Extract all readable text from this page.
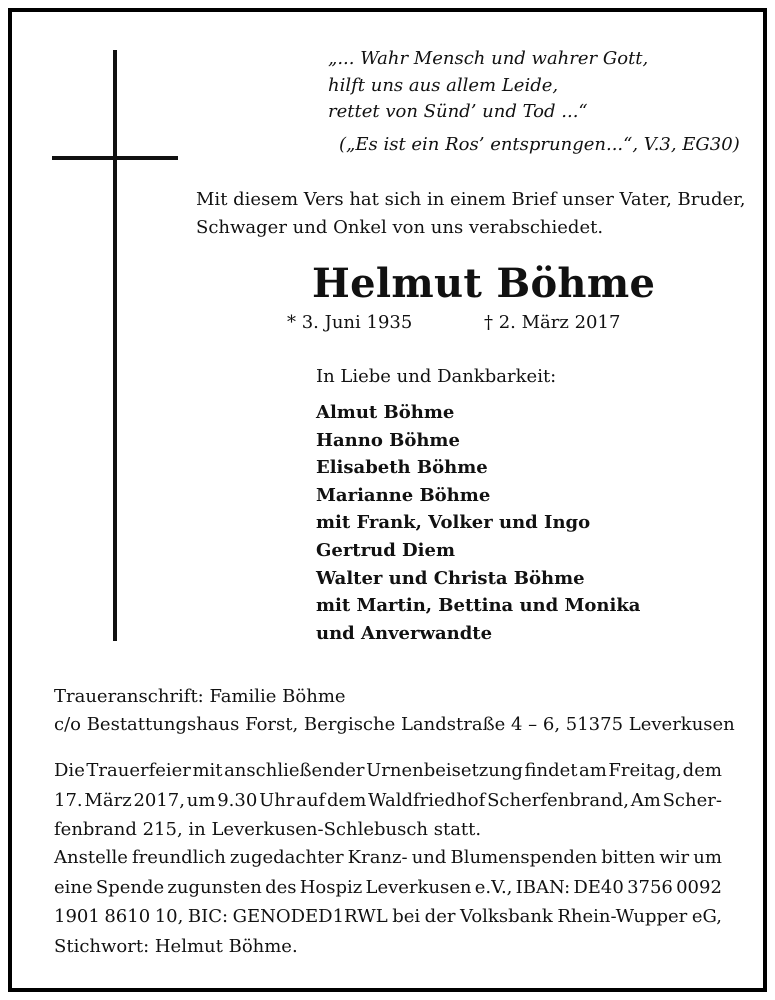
„... Wahr Mensch und wahrer Gott,
hilft uns aus allem Leide,
rettet von Sünd’ und Tod ...“
(„Es ist ein Ros’ entsprungen...“, V.3, EG30)
Mit diesem Vers hat sich in einem Brief unser Vater, Bruder,
Schwager und Onkel von uns verabschiedet.
Helmut Böhme
* 3. Juni 1935	† 2. März 2017
In Liebe und Dankbarkeit:
Almut Böhme
Hanno Böhme
Elisabeth Böhme
Marianne Böhme
mit Frank, Volker und Ingo
Gertrud Diem
Walter und Christa Böhme
mit Martin, Bettina und Monika
und Anverwandte
Traueranschrift: Familie Böhme
c/o Bestattungshaus Forst, Bergische Landstraße 4 – 6, 51375 Leverkusen
Die Trauerfeier mit anschließender Urnenbeisetzung findet am Freitag, dem
17. März 2017, um 9.30 Uhr auf dem Waldfriedhof Scherfenbrand, Am Scher-
fenbrand 215, in Leverkusen-Schlebusch statt.
Anstelle freundlich zugedachter Kranz- und Blumenspenden bitten wir um
eine Spende zugunsten des Hospiz Leverkusen e.V., IBAN: DE40 3756 0092
1901 8610 10, BIC: GENODED1RWL bei der Volksbank Rhein-Wupper eG,
Stichwort: Helmut Böhme.
